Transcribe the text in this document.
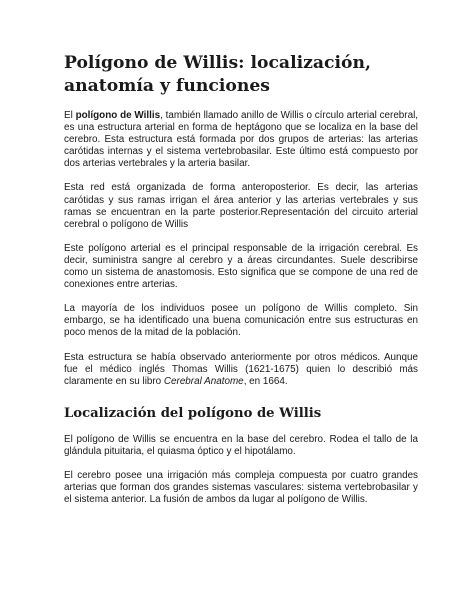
Polígono de Willis: localización, anatomía y funciones

El polígono de Willis, también llamado anillo de Willis o círculo arterial cerebral, es una estructura arterial en forma de heptágono que se localiza en la base del cerebro. Esta estructura está formada por dos grupos de arterias: las arterias carótidas internas y el sistema vertebrobasilar. Este último está compuesto por dos arterias vertebrales y la arteria basilar.

Esta red está organizada de forma anteroposterior. Es decir, las arterias carótidas y sus ramas irrigan el área anterior y las arterias vertebrales y sus ramas se encuentran en la parte posterior.Representación del circuito arterial cerebral o polígono de Willis

Este polígono arterial es el principal responsable de la irrigación cerebral. Es decir, suministra sangre al cerebro y a áreas circundantes. Suele describirse como un sistema de anastomosis. Esto significa que se compone de una red de conexiones entre arterias.

La mayoría de los individuos posee un polígono de Willis completo. Sin embargo, se ha identificado una buena comunicación entre sus estructuras en poco menos de la mitad de la población.

Esta estructura se había observado anteriormente por otros médicos. Aunque fue el médico inglés Thomas Willis (1621-1675) quien lo describió más claramente en su libro Cerebral Anatome, en 1664.

Localización del polígono de Willis

El polígono de Willis se encuentra en la base del cerebro. Rodea el tallo de la glándula pituitaria, el quiasma óptico y el hipotálamo.

El cerebro posee una irrigación más compleja compuesta por cuatro grandes arterias que forman dos grandes sistemas vasculares: sistema vertebrobasilar y el sistema anterior. La fusión de ambos da lugar al polígono de Willis.
